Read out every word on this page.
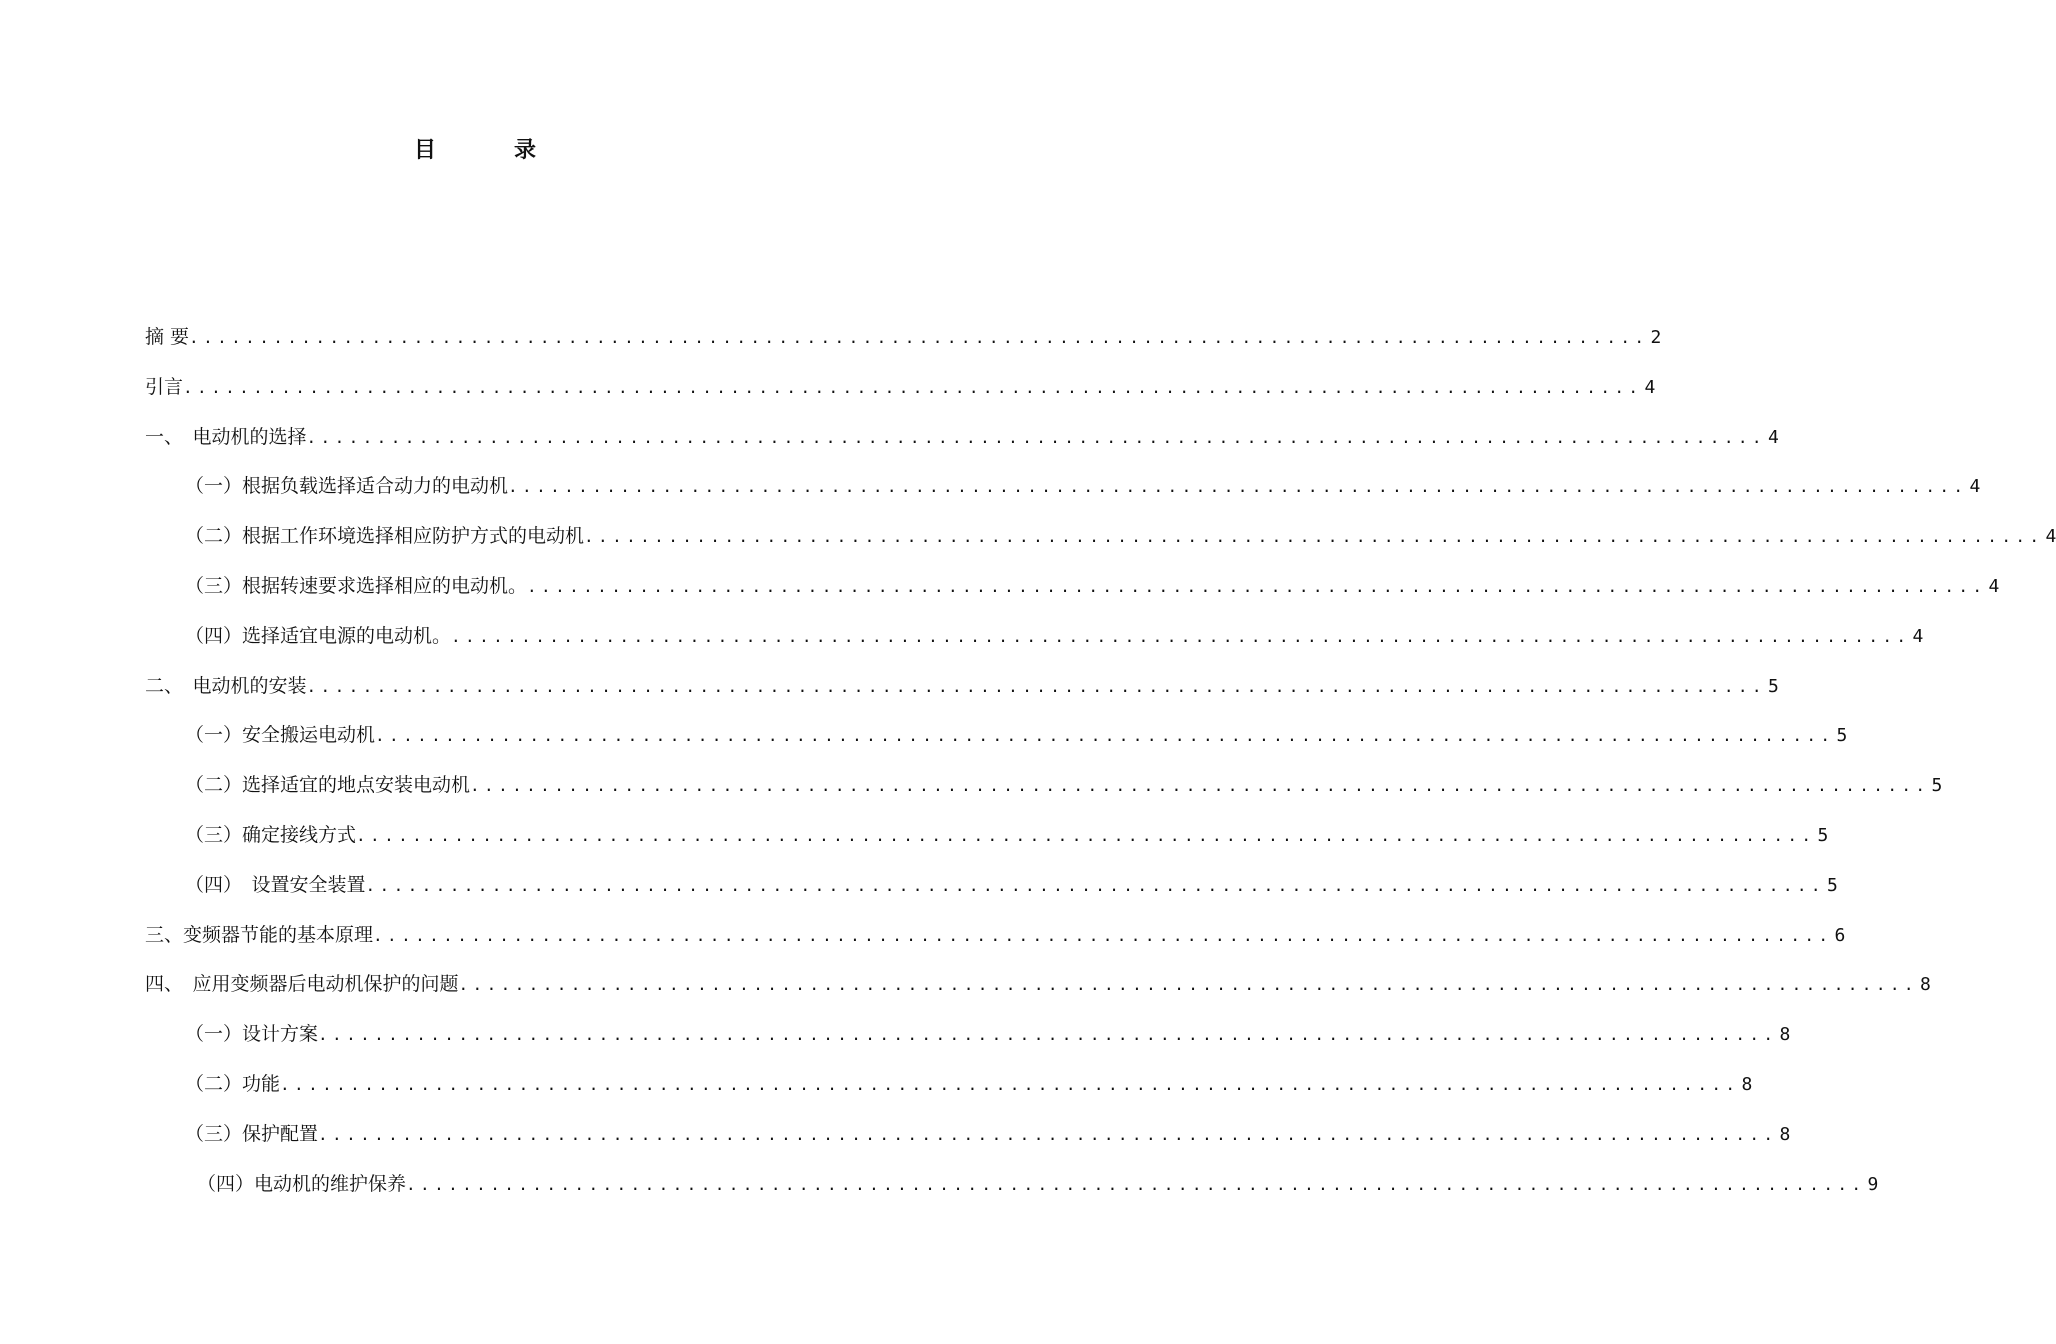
目　录
摘 要 ........................................................................................................ 2
引言 ........................................................................................................ 4
一、　电动机的选择 ........................................................................................................ 4
（一）根据负载选择适合动力的电动机 ........................................................................................................ 4
（二）根据工作环境选择相应防护方式的电动机 ........................................................................................................ 4
（三）根据转速要求选择相应的电动机。 ........................................................................................................ 4
（四）选择适宜电源的电动机。 ........................................................................................................ 4
二、　电动机的安装 ........................................................................................................ 5
（一）安全搬运电动机 ........................................................................................................ 5
（二）选择适宜的地点安装电动机 ........................................................................................................ 5
（三）确定接线方式 ........................................................................................................ 5
（四）　设置安全装置 ........................................................................................................ 5
三、变频器节能的基本原理 ........................................................................................................ 6
四、　应用变频器后电动机保护的问题 ........................................................................................................ 8
（一）设计方案 ........................................................................................................ 8
（二）功能 ........................................................................................................ 8
（三）保护配置 ........................................................................................................ 8
（四）电动机的维护保养 ........................................................................................................ 9
